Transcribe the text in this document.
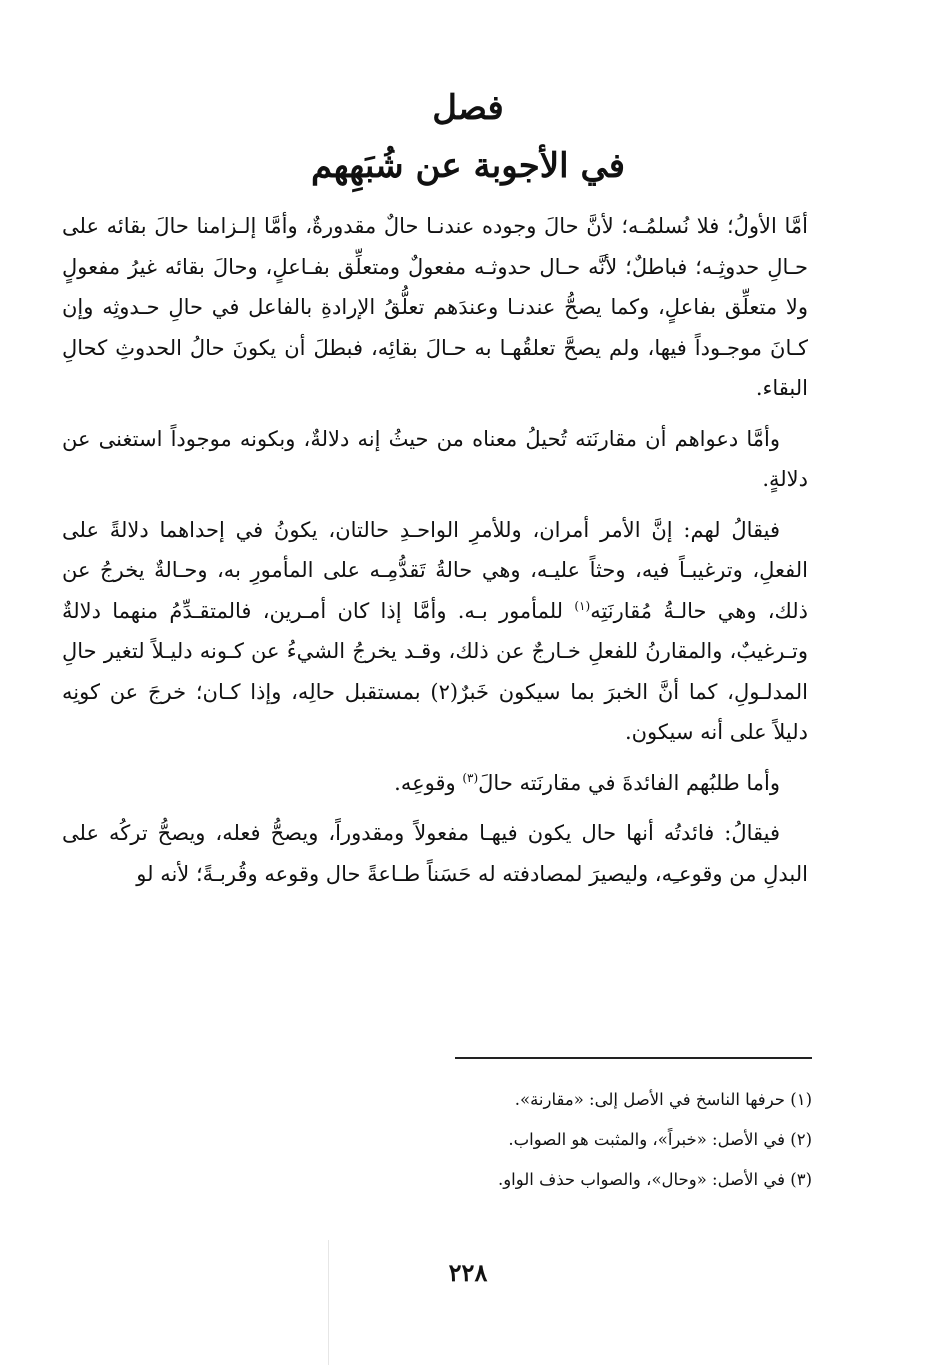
فصل
في الأجوبة عن شُبَهِهم

أمَّا الأولُ؛ فلا نُسلمُـه؛ لأنَّ حالَ وجوده عندنـا حالٌ مقدورةٌ، وأمَّا إلـزامنا حالَ بقائه على حـالِ حدوثِـه؛ فباطلٌ؛ لأنَّه حـال حدوثـه مفعولٌ ومتعلِّق بفـاعلٍ، وحالَ بقائه غيرُ مفعولٍ ولا متعلِّق بفاعلٍ، وكما يصحُّ عندنـا وعندَهم تعلُّقُ الإرادةِ بالفاعل في حالِ حـدوثِه وإن كـانَ موجـوداً فيها، ولم يصحَّ تعلقُهـا به حـالَ بقائِه، فبطلَ أن يكونَ حالُ الحدوثِ كحالِ البقاء.

وأمَّا دعواهم أن مقارنَته تُحيلُ معناه من حيثُ إنه دلالةٌ، وبكونه موجوداً استغنى عن دلالةٍ.

فيقالُ لهم: إنَّ الأمر أمران، وللأمرِ الواحـدِ حالتان، يكونُ في إحداهما دلالةً على الفعلِ، وترغيبـاً فيه، وحثاً عليـه، وهي حالةُ تَقدُّمِـه على المأمورِ به، وحـالةٌ يخرجُ عن ذلك، وهي حالـةُ مُقارنَتِه$^{(١)}$ للمأمور بـه. وأمَّا إذا كان أمـرين، فالمتقـدِّمُ منهما دلالةٌ وتـرغيبٌ، والمقارنُ للفعلِ خـارجٌ عن ذلك، وقـد يخرجُ الشيءُ عن كـونه دليـلاً لتغير حالِ المدلـولِ، كما أنَّ الخبرَ بما سيكون خَبرٌ(٢) بمستقبل حالِه، وإذا كـان؛ خرجَ عن كونِه دليلاً على أنه سيكون.

وأما طلبُهم الفائدةَ في مقارنَته حالَ$^{(٣)}$ وقوعِه.

فيقالُ: فائدتُه أنها حال يكون فيهـا مفعولاً ومقدوراً، ويصحُّ فعله، ويصحُّ تركُه على البدلِ من وقوعـِه، وليصيرَ لمصادفته له حَسَناً طـاعةً حال وقوعه وقُربـةً؛ لأنه لو

(١) حرفها الناسخ في الأصل إلى: «مقارنة».

(٢) في الأصل: «خبراً»، والمثبت هو الصواب.

(٣) في الأصل: «وحال»، والصواب حذف الواو.

٢٢٨
